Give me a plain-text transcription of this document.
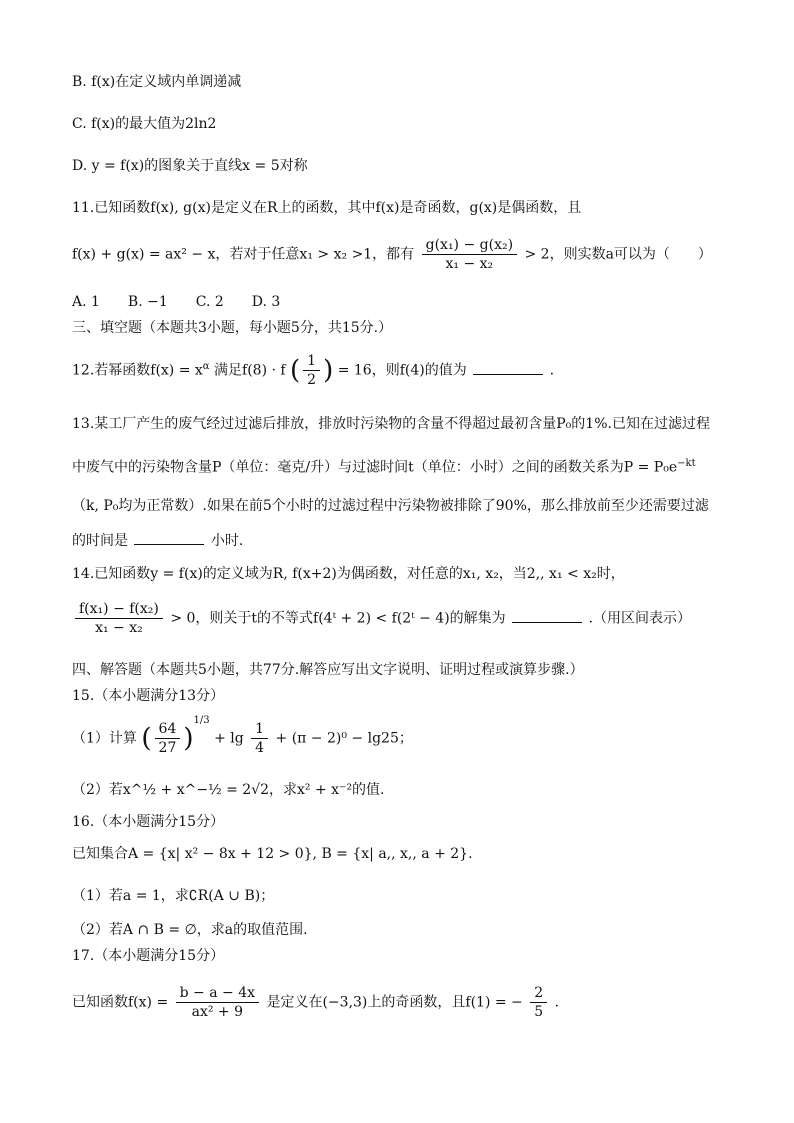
B. f(x)在定义域内单调递减
C. f(x)的最大值为2ln2
D. y = f(x)的图象关于直线x = 5对称
11.已知函数f(x), g(x)是定义在R上的函数，其中f(x)是奇函数，g(x)是偶函数，且
f(x) + g(x) = ax² − x，若对于任意x₁ > x₂ >1，都有 $\frac{\text{g(x₁) − g(x₂)}}{\text{x₁ − x₂}} > 2$，则实数a可以为（　　）
A. 1　　B. −1　　C. 2　　D. 3
三、填空题（本题共3小题，每小题5分，共15分.）
12.若幂函数$f(x) = x^\alpha$ 满足f(8) · f ( $\frac{1}{2}$ ) = 16，则f(4)的值为	.
13.某工厂产生的废气经过过滤后排放，排放时污染物的含量不得超过最初含量P₀的1%.已知在过滤过程
中废气中的污染物含量P（单位：毫克/升）与过滤时间t（单位：小时）之间的函数关系为$P = P_0e^{-kt}$
（k, P₀均为正常数）.如果在前5个小时的过滤过程中污染物被排除了90%，那么排放前至少还需要过滤
的时间是	小时.
14.已知函数y = f(x)的定义域为R, f(x+2)为偶函数，对任意的x₁, x₂，当2,, x₁ < x₂时，
$\frac{\text{f(x₁) − f(x₂)}}{\text{x₁ − x₂}} > 0$，则关于t的不等式f(4ᵗ + 2) < f(2ᵗ − 4)的解集为	.（用区间表示）
四、解答题（本题共5小题，共77分.解答应写出文字说明、证明过程或演算步骤.）
15.（本小题满分13分）
（1）计算 ( $\frac{64}{27} )^{1/3} + \lg \frac{1}{4} + (\pi - 2)^0 - \lg 25$；
（2）若x^½ + x^−½ = 2√2，求x² + x⁻²的值.
16.（本小题满分15分）
已知集合A = {x| x² − 8x + 12 > 0}, B = {x| a,, x,, a + 2}.
（1）若a = 1，求∁R(A ∪ B)；
（2）若A ∩ B = ∅，求a的取值范围.
17.（本小题满分15分）
已知函数$f(x) = \frac{b - a - 4x}{\text{ax² + 9}}$ 是定义在(−3,3)上的奇函数，且f(1) = − $\frac{2}{5}$ .
